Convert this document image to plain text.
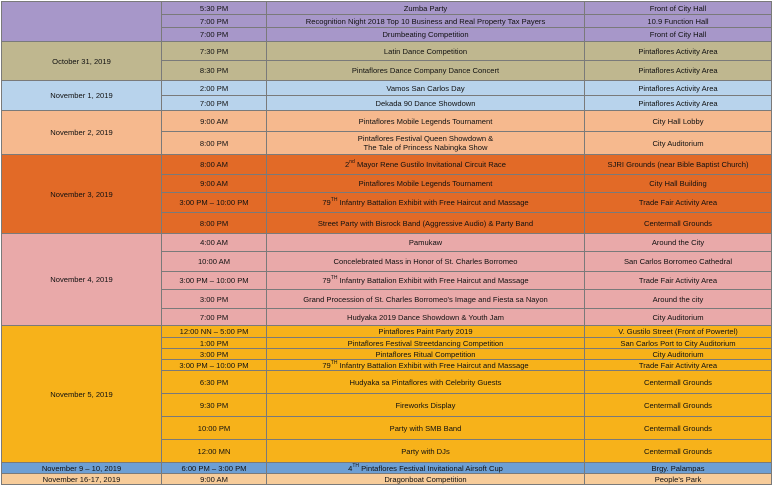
	5:30 PM	Zumba Party	Front of City Hall
	7:00 PM	Recognition Night 2018 Top 10 Business and Real Property Tax Payers	10.9 Function Hall
	7:00 PM	Drumbeating Competition	Front of City Hall
October 31, 2019	7:30 PM	Latin Dance Competition	Pintaflores Activity Area
	8:30 PM	Pintaflores Dance Company Dance Concert	Pintaflores Activity Area
November 1, 2019	2:00 PM	Vamos San Carlos Day	Pintaflores Activity Area
	7:00 PM	Dekada 90 Dance Showdown	Pintaflores Activity Area
November 2, 2019	9:00 AM	Pintaflores Mobile Legends Tournament	City Hall Lobby
	8:00 PM	Pintaflores Festival Queen Showdown &
The Tale of Princess Nabingka Show	City Auditorium
November 3, 2019	8:00 AM	2nd Mayor Rene Gustilo Invitational Circuit Race	SJRI Grounds (near Bible Baptist Church)
	9:00 AM	Pintaflores Mobile Legends Tournament	City Hall Building
	3:00 PM – 10:00 PM	79TH Infantry Battalion Exhibit with Free Haircut and Massage	Trade Fair Activity Area
	8:00 PM	Street Party with Bisrock Band (Aggressive Audio) & Party Band	Centermall Grounds
November 4, 2019	4:00 AM	Pamukaw	Around the City
	10:00 AM	Concelebrated Mass in Honor of St. Charles Borromeo	San Carlos Borromeo Cathedral
	3:00 PM – 10:00 PM	79TH Infantry Battalion Exhibit with Free Haircut and Massage	Trade Fair Activity Area
	3:00 PM	Grand Procession of St. Charles Borromeo's Image and Fiesta sa Nayon	Around the city
	7:00 PM	Hudyaka 2019 Dance Showdown & Youth Jam	City Auditorium
November 5, 2019	12:00 NN – 5:00 PM	Pintaflores Paint Party 2019	V. Gustilo Street (Front of Powertel)
	1:00 PM	Pintaflores Festival Streetdancing Competition	San Carlos Port to City Auditorium
	3:00 PM	Pintaflores Ritual Competition	City Auditorium
	3:00 PM – 10:00 PM	79TH Infantry Battalion Exhibit with Free Haircut and Massage	Trade Fair Activity Area
	6:30 PM	Hudyaka sa Pintaflores with Celebrity Guests	Centermall Grounds
	9:30 PM	Fireworks Display	Centermall Grounds
	10:00 PM	Party with SMB Band	Centermall Grounds
	12:00 MN	Party with DJs	Centermall Grounds
November 9 – 10, 2019	6:00 PM – 3:00 PM	4TH Pintaflores Festival Invitational Airsoft Cup	Brgy. Palampas
November 16-17, 2019	9:00 AM	Dragonboat Competition	People's Park
